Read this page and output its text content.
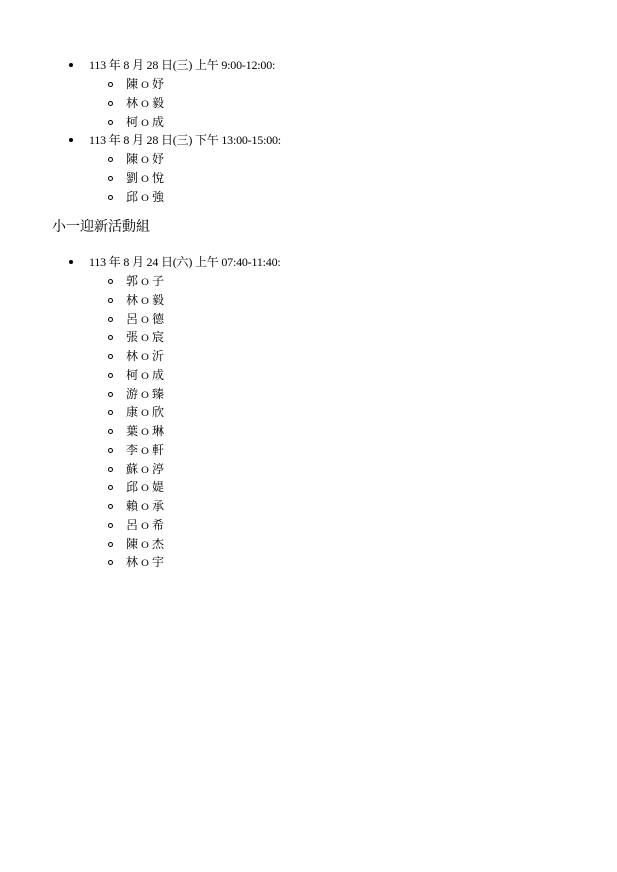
113 年 8 月 28 日(三) 上午 9:00-12:00:
陳ｏ妤
林ｏ毅
柯ｏ成
113 年 8 月 28 日(三) 下午 13:00-15:00:
陳ｏ妤
劉ｏ悅
邱ｏ強
小一迎新活動組
113 年 8 月 24 日(六) 上午 07:40-11:40:
郭ｏ子
林ｏ毅
呂ｏ德
張ｏ宸
林ｏ沂
柯ｏ成
游ｏ臻
康ｏ欣
葉ｏ琳
李ｏ軒
蘇ｏ渟
邱ｏ媞
賴ｏ承
呂ｏ希
陳ｏ杰
林ｏ宇
